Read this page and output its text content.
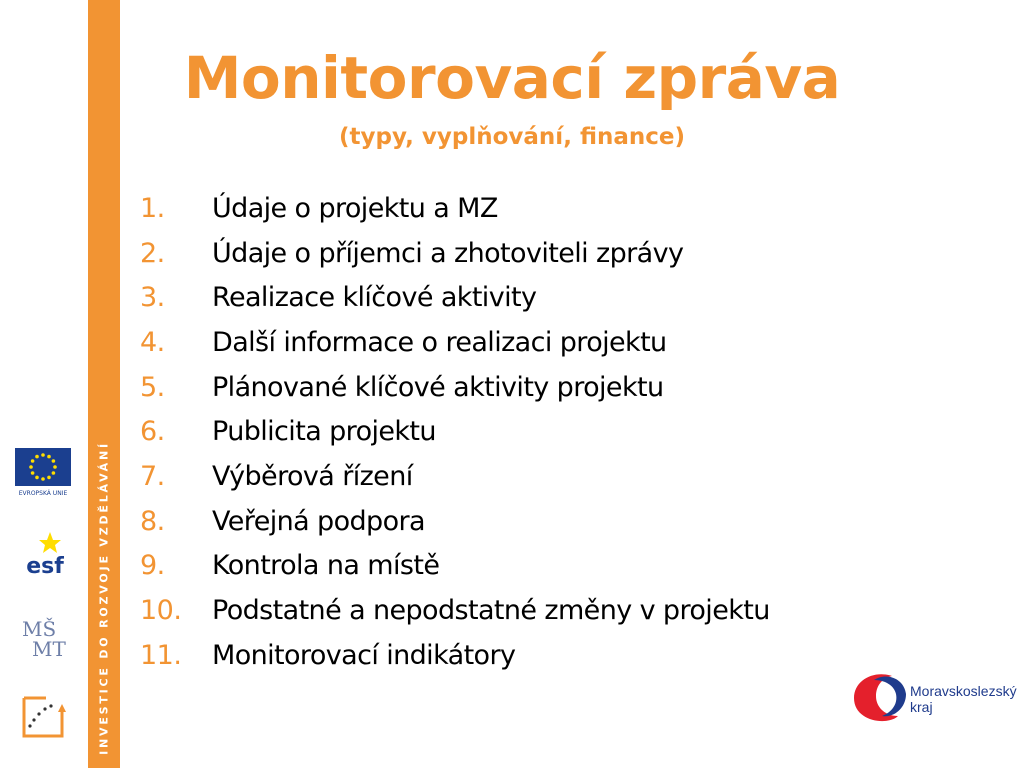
INVESTICE DO ROZVOJE VZDĚLÁVÁNÍ
Monitorovací zpráva
(typy, vyplňování, finance)
1.	Údaje o projektu a MZ
2.	Údaje o příjemci a zhotoviteli zprávy
3.	Realizace klíčové aktivity
4.	Další informace o realizaci projektu
5.	Plánované klíčové aktivity projektu
6.	Publicita projektu
7.	Výběrová řízení
8.	Veřejná podpora
9.	Kontrola na místě
10.	Podstatné a nepodstatné změny v projektu
11.	Monitorovací indikátory
EVROPSKÁ UNIE
esf
MŠ
MT
Moravskoslezský
kraj
